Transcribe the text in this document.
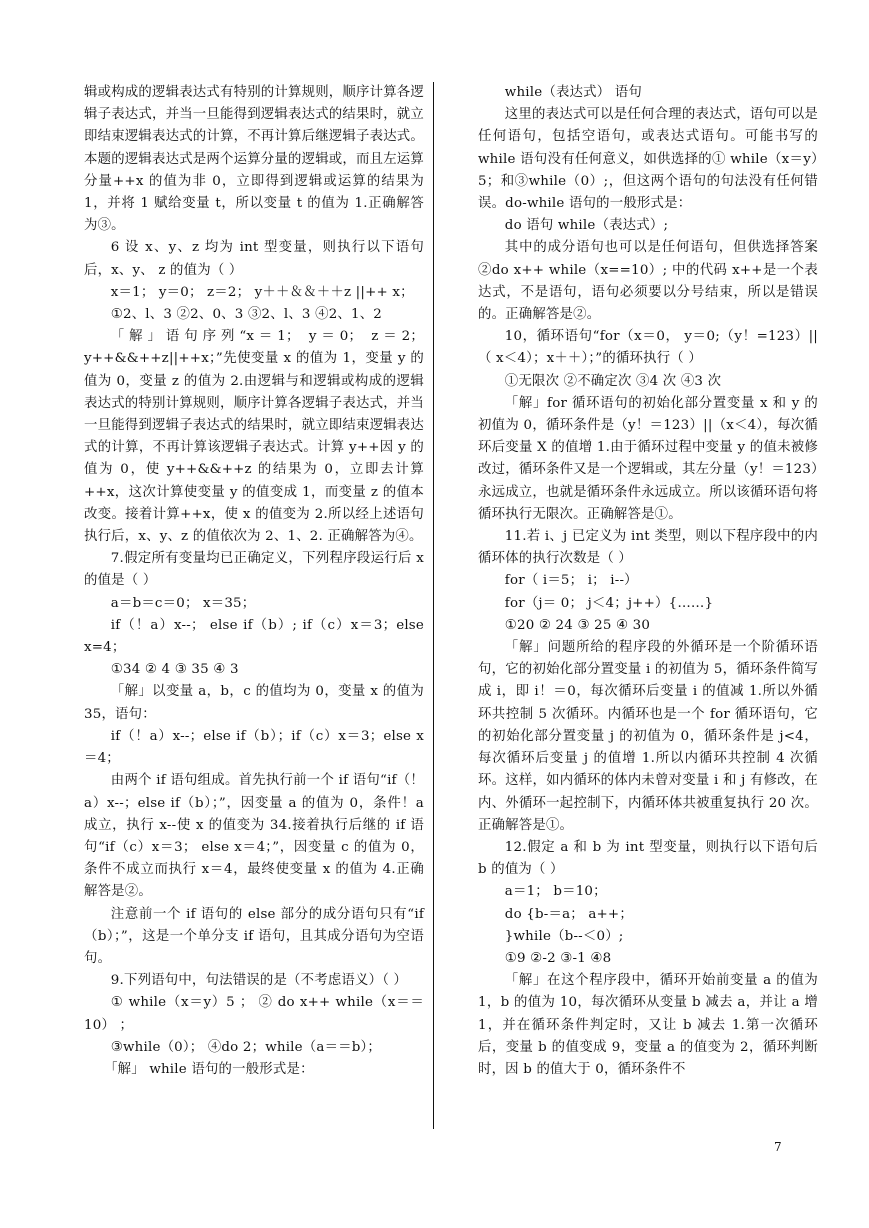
辑或构成的逻辑表达式有特别的计算规则，顺序计算各逻辑子表达式，并当一旦能得到逻辑表达式的结果时，就立即结束逻辑表达式的计算，不再计算后继逻辑子表达式。本题的逻辑表达式是两个运算分量的逻辑或，而且左运算分量++x 的值为非 0，立即得到逻辑或运算的结果为 1，并将 1 赋给变量 t，所以变量 t 的值为 1.正确解答为③。

6 设 x、y、z 均为 int 型变量，则执行以下语句后，x、y、 z 的值为（ ）

x＝1； y＝0； z＝2； y＋＋＆＆＋＋z ||++ x；

①2、l、3 ②2、0、3 ③2、l、3 ④2、1、2

「解」语句序列“x＝1； y＝0； z＝2； y++&&++z||++x；”先使变量 x 的值为 1，变量 y 的值为 0，变量 z 的值为 2.由逻辑与和逻辑或构成的逻辑表达式的特别计算规则，顺序计算各逻辑子表达式，并当一旦能得到逻辑子表达式的结果时，就立即结束逻辑表达式的计算，不再计算该逻辑子表达式。计算 y++因 y 的值为 0，使 y++&&++z 的结果为 0，立即去计算++x，这次计算使变量 y 的值变成 1，而变量 z 的值本改变。接着计算++x，使 x 的值变为 2.所以经上述语句执行后，x、y、z 的值依次为 2、1、2. 正确解答为④。

7.假定所有变量均已正确定义，下列程序段运行后 x 的值是（ ）

a＝b＝c＝0； x＝35；

if（！a）x--； else if（b）; if（c）x＝3；else x=4；

①34 ② 4 ③ 35 ④ 3

「解」以变量 a，b，c 的值均为 0，变量 x 的值为 35，语句：

if（！a）x--；else if（b）；if（c）x＝3；else x＝4；

由两个 if 语句组成。首先执行前一个 if 语句“if（！a）x--；else if（b）；”，因变量 a 的值为 0，条件！a 成立，执行 x--使 x 的值变为 34.接着执行后继的 if 语句“if（c）x＝3； else x＝4；”，因变量 c 的值为 0，条件不成立而执行 x＝4，最终使变量 x 的值为 4.正确解答是②。

注意前一个 if 语句的 else 部分的成分语句只有“if（b）；”，这是一个单分支 if 语句，且其成分语句为空语句。

9.下列语句中，句法错误的是（不考虑语义）（ ）

① while（x＝y）5 ； ② do x++ while（x＝＝10） ；

③while（0）； ④do 2；while（a＝＝b）；

「解」 while 语句的一般形式是：

while（表达式） 语句

这里的表达式可以是任何合理的表达式，语句可以是任何语句，包括空语句，或表达式语句。可能书写的 while 语句没有任何意义，如供选择的① while（x＝y）5；和③while（0）;，但这两个语句的句法没有任何错误。do-while 语句的一般形式是：

do 语句 while（表达式）;

其中的成分语句也可以是任何语句，但供选择答案②do x++ while（x==10）; 中的代码 x++是一个表达式，不是语句，语句必须要以分号结束，所以是错误的。正确解答是②。

10，循环语句“for（x＝0， y＝0;（y！=123）||（ x＜4）；x＋＋）；”的循环执行（ ）

①无限次 ②不确定次 ③4 次 ④3 次

「解」for 循环语句的初始化部分置变量 x 和 y 的初值为 0，循环条件是（y！＝123）||（x＜4），每次循环后变量 X 的值增 1.由于循环过程中变量 y 的值未被修改过，循环条件又是一个逻辑或，其左分量（y！＝123）永远成立，也就是循环条件永远成立。所以该循环语句将循环执行无限次。正确解答是①。

11.若 i、j 已定义为 int 类型，则以下程序段中的内循环体的执行次数是（ ）

for（ i＝5； i； i--）

for（j＝ 0； j＜4；j++）{……}

①20 ② 24 ③ 25 ④ 30

「解」问题所给的程序段的外循环是一个阶循环语句，它的初始化部分置变量 i 的初值为 5，循环条件简写成 i，即 i！＝0，每次循环后变量 i 的值减 1.所以外循环共控制 5 次循环。内循环也是一个 for 循环语句，它的初始化部分置变量 j 的初值为 0，循环条件是 j<4，每次循环后变量 j 的值增 1.所以内循环共控制 4 次循环。这样，如内循环的体内未曾对变量 i 和 j 有修改，在内、外循环一起控制下，内循环体共被重复执行 20 次。正确解答是①。

12.假定 a 和 b 为 int 型变量，则执行以下语句后 b 的值为（ ）

a＝1； b＝10；

do {b-＝a； a++；

}while（b--＜0）;

①9 ②-2 ③-1 ④8

「解」在这个程序段中，循环开始前变量 a 的值为 1，b 的值为 10，每次循环从变量 b 减去 a，并让 a 增 1，并在循环条件判定时，又让 b 减去 1.第一次循环后，变量 b 的值变成 9，变量 a 的值变为 2，循环判断时，因 b 的值大于 0，循环条件不

7
